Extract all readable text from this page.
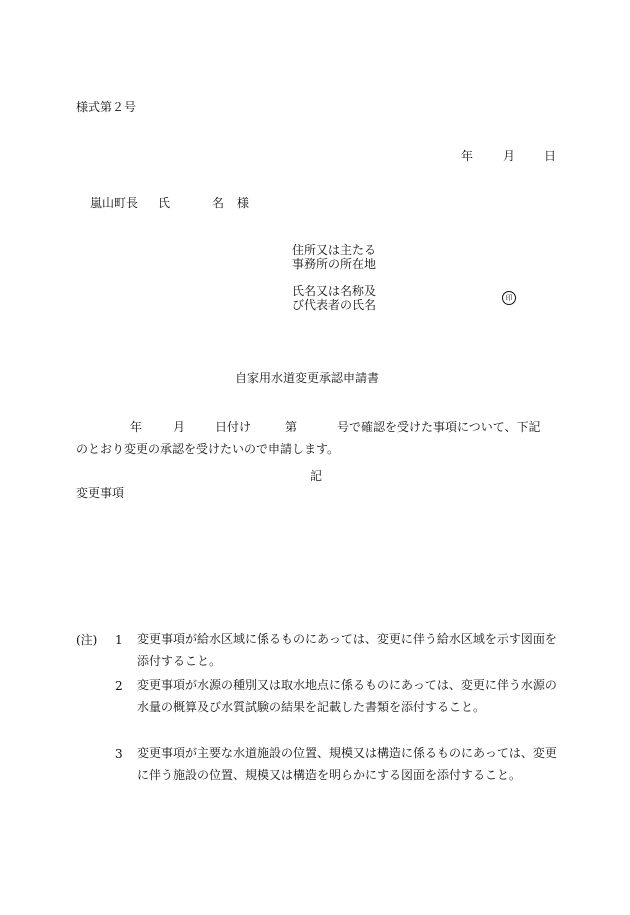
様式第２号
年 月 日
嵐山町長 氏	名 様
住所又は主たる
事務所の所在地
氏名又は名称及
び代表者の氏名	印
自家用水道変更承認申請書
年	月 日付け	第	号で確認を受けた事項について、下記
のとおり変更の承認を受けたいので申請します。
記
変更事項
(注) 1 変更事項が給水区域に係るものにあっては、変更に伴う給水区域を示す図面を添付すること。
2 変更事項が水源の種別又は取水地点に係るものにあっては、変更に伴う水源の水量の概算及び水質試験の結果を記載した書類を添付すること。
3 変更事項が主要な水道施設の位置、規模又は構造に係るものにあっては、変更に伴う施設の位置、規模又は構造を明らかにする図面を添付すること。
